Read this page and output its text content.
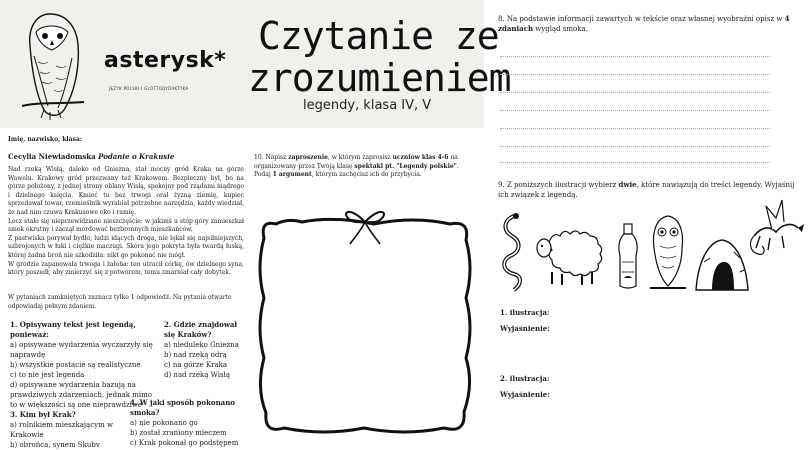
asterysk*
JĘZYK POLSKI I GLOTTODYDAKTYKA
Czytanie ze
zrozumieniem
legendy, klasa IV, V
Imię, nazwisko, klasa:
Cecylia Niewiadomska Podanie o Krakusie
Nad rzeką Wisłą, daleko od Gniezna, stał mocny gród Kraka na górze Wawelu. Krakowy gród przezwany też Krakowem. Bezpieczny był, bo na górze położony, z jednej strony oblany Wisłą, spokojny pod rządami mądrego i dzielnego księcia. Kmieć tu bez trwogi orał żyzną ziemię, kupiec sprzedawał towar, rzemieślnik wyrabiał potrzebne narzędzia, każdy wiedział, że nad nim czuwa Krakusowe oko i ramię.
Lecz stało się nieprzewidziane nieszczęście: w jakimś u stóp góry zamieszkał smok okrutny i zaczął mordować bezbronnych mieszkańców.
Z pastwiska porywał bydło, ludzi idących droga, nie lękał się najsilniejszych, uzbrojonych w łuki i ciężkie maczugi. Skóra jego pokryta była twardą łuską, której żadna broń nie szkodziła: nikt go pokonać nie mógł.
W grodzie zapanowała trwoga i żałoba: ten utracił córkę, ów dzielnego syna, który poszedł, aby zmierzyć się z potworem, temu zmarniał cały dobytek.
W pytaniach zamkniętych zaznacz tylko 1 odpowiedź. Na pytania otwarte odpowiadaj pełnym zdaniem.
1. Opisywany tekst jest legendą, ponieważ:
a) opisywane wydarzenia wyczarzyły się naprawdę
b) wszystkie postacie są realistyczne
c) to nie jest legenda
d) opisywane wydarzenia bazują na prawdziwych zdarzeniach, jednak mimo to w większości są one nieprawdziwe
2. Gdzie znajdował się Kraków?
a) nieduleko Gniezna
b) nad rzeką odrą
c) na górze Kraka
d) nad rzeką Wisłą
3. Kim był Krak?
a) rolnikiem mieszkającym w Krakowie
b) obrońca, synem Skubv
4. W jaki sposób pokonano smoka?
a) nie pokonano go
b) został zraniony mieczem
c) Krak pokonał go podstępem
10. Napisz zaproszenie, w którym zaprosisz uczniów klas 4-6 na organizowany przez Twoją klasę spektakl pt. "Legendy polskie". Podaj 1 argument, którym zachęcisz ich do przybycia.
8. Na podstawie informacji zawartych w tekście oraz własnej wyobraźni opisz w 4 zdaniach wygląd smoka.
9. Z poniższych ilustracji wybierz dwie, które nawiązują do treści legendy. Wyjaśnij ich związek z legendą.
1. ilustracja:
Wyjaśnienie:
2. ilustracja:
Wyjaśnienie:
